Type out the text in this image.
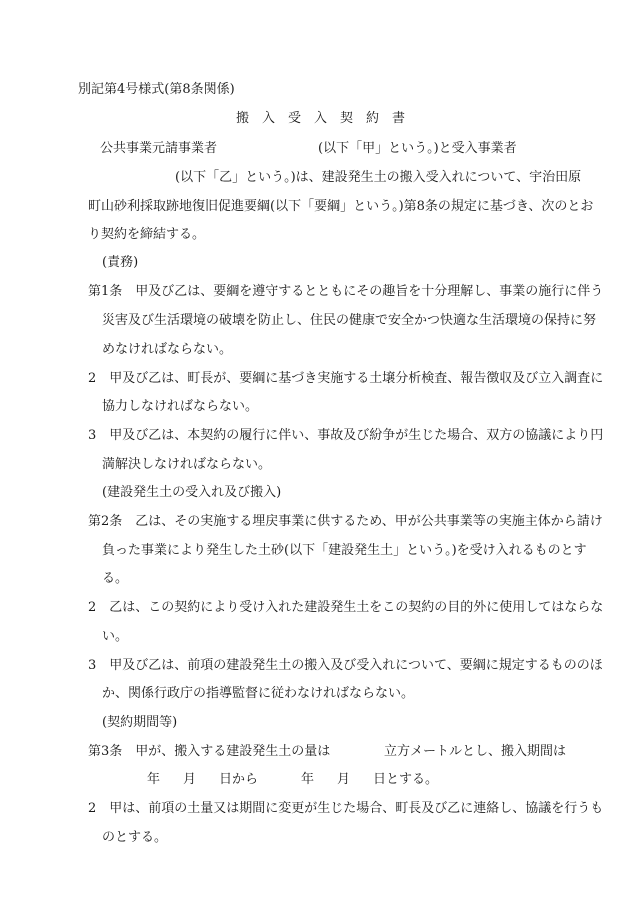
別記第4号様式(第8条関係)
搬　入　受　入　契　約　書
公共事業元請事業者	(以下「甲」という。)と受入事業者
(以下「乙」という。)は、建設発生土の搬入受入れについて、宇治田原
町山砂利採取跡地復旧促進要綱(以下「要綱」という。)第8条の規定に基づき、次のとお
り契約を締結する。
(責務)
第1条　甲及び乙は、要綱を遵守するとともにその趣旨を十分理解し、事業の施行に伴う
災害及び生活環境の破壊を防止し、住民の健康で安全かつ快適な生活環境の保持に努
めなければならない。
2　甲及び乙は、町長が、要綱に基づき実施する土壌分析検査、報告徴収及び立入調査に
協力しなければならない。
3　甲及び乙は、本契約の履行に伴い、事故及び紛争が生じた場合、双方の協議により円
満解決しなければならない。
(建設発生土の受入れ及び搬入)
第2条　乙は、その実施する埋戻事業に供するため、甲が公共事業等の実施主体から請け
負った事業により発生した土砂(以下「建設発生土」という。)を受け入れるものとす
る。
2　乙は、この契約により受け入れた建設発生土をこの契約の目的外に使用してはならな
い。
3　甲及び乙は、前項の建設発生土の搬入及び受入れについて、要綱に規定するもののほ
か、関係行政庁の指導監督に従わなければならない。
(契約期間等)
第3条　甲が、搬入する建設発生土の量は	立方メートルとし、搬入期間は
年 月 日から	年 月 日とする。
2　甲は、前項の土量又は期間に変更が生じた場合、町長及び乙に連絡し、協議を行うも
のとする。
